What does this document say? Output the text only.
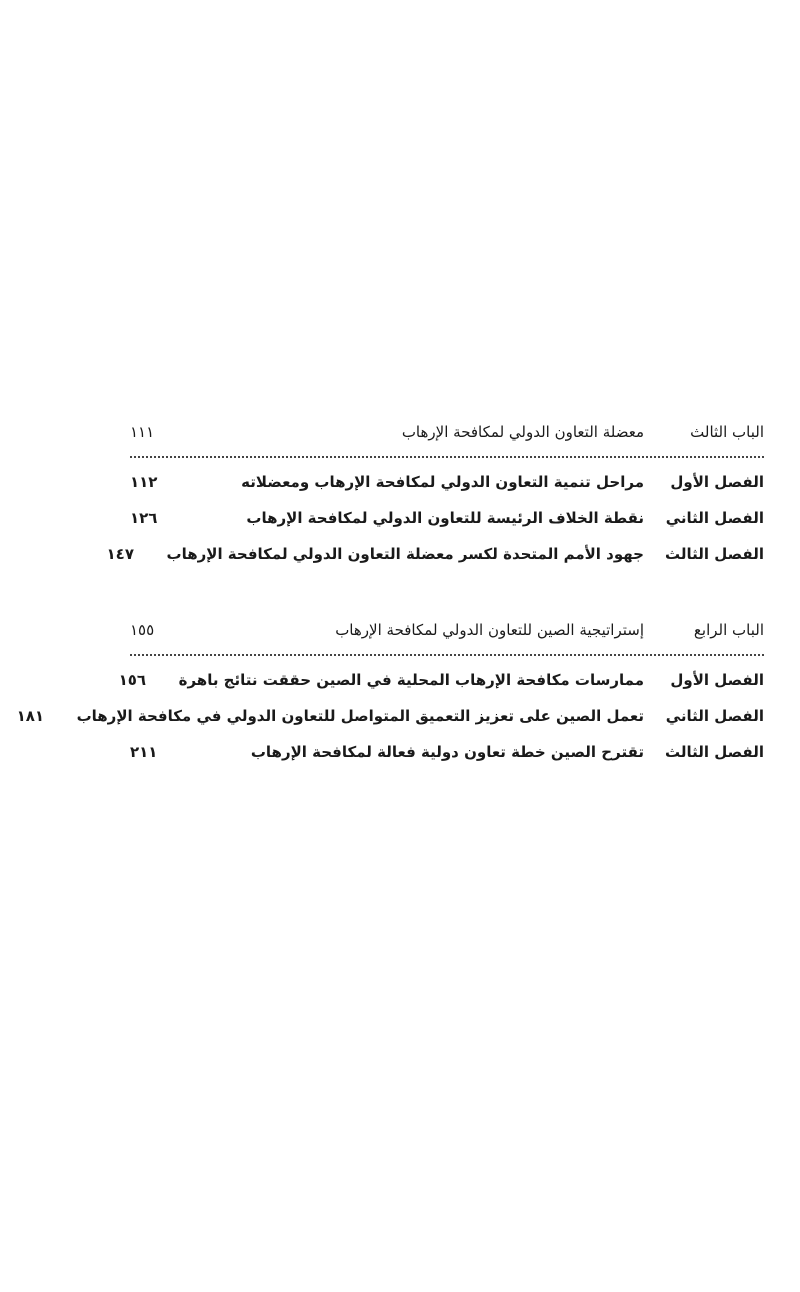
الباب الثالث
معضلة التعاون الدولي لمكافحة الإرهاب
١١١
الفصل الأول
مراحل تنمية التعاون الدولي لمكافحة الإرهاب ومعضلاته
١١٢
الفصل الثاني
نقطة الخلاف الرئيسة للتعاون الدولي لمكافحة الإرهاب
١٢٦
الفصل الثالث
جهود الأمم المتحدة لكسر معضلة التعاون الدولي لمكافحة الإرهاب
١٤٧
الباب الرابع
إستراتيجية الصين للتعاون الدولي لمكافحة الإرهاب
١٥٥
الفصل الأول
ممارسات مكافحة الإرهاب المحلية في الصين حققت نتائج باهرة
١٥٦
الفصل الثاني
تعمل الصين على تعزيز التعميق المتواصل للتعاون الدولي في مكافحة الإرهاب
١٨١
الفصل الثالث
تقترح الصين خطة تعاون دولية فعالة لمكافحة الإرهاب
٢١١
